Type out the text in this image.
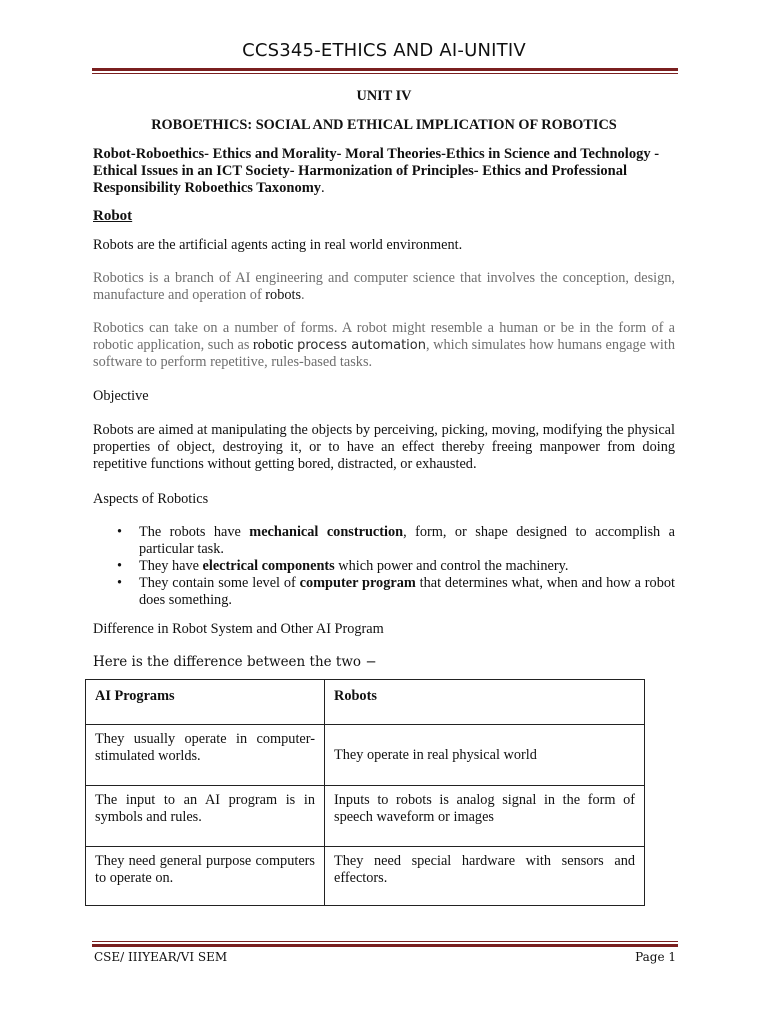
CCS345-ETHICS AND AI-UNITIV

UNIT IV

ROBOETHICS: SOCIAL AND ETHICAL IMPLICATION OF ROBOTICS

Robot-Roboethics- Ethics and Morality- Moral Theories-Ethics in Science and Technology - Ethical Issues in an ICT Society- Harmonization of Principles- Ethics and Professional Responsibility Roboethics Taxonomy.

Robot

Robots are the artificial agents acting in real world environment.

Robotics is a branch of AI engineering and computer science that involves the conception, design, manufacture and operation of robots.

Robotics can take on a number of forms. A robot might resemble a human or be in the form of a robotic application, such as robotic process automation, which simulates how humans engage with software to perform repetitive, rules-based tasks.

Objective

Robots are aimed at manipulating the objects by perceiving, picking, moving, modifying the physical properties of object, destroying it, or to have an effect thereby freeing manpower from doing repetitive functions without getting bored, distracted, or exhausted.

Aspects of Robotics

• The robots have mechanical construction, form, or shape designed to accomplish a particular task.
• They have electrical components which power and control the machinery.
• They contain some level of computer program that determines what, when and how a robot does something.

Difference in Robot System and Other AI Program

Here is the difference between the two −

AI Programs	Robots
They usually operate in computer-stimulated worlds.	They operate in real physical world
The input to an AI program is in symbols and rules.	Inputs to robots is analog signal in the form of speech waveform or images
They need general purpose computers to operate on.	They need special hardware with sensors and effectors.
CSE/ IIIYEAR/VI SEM	Page 1
